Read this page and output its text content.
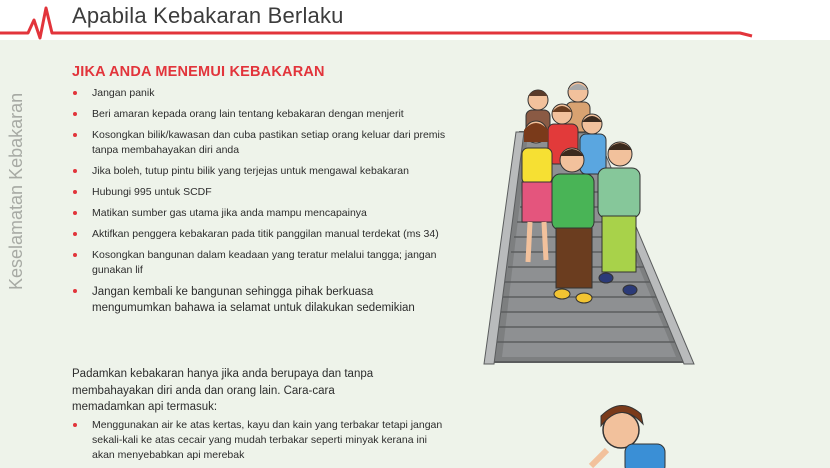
Apabila Kebakaran Berlaku
Keselamatan Kebakaran
JIKA ANDA MENEMUI KEBAKARAN
Jangan panik
Beri amaran kepada orang lain tentang kebakaran dengan menjerit
Kosongkan bilik/kawasan dan cuba pastikan setiap orang keluar dari premis tanpa membahayakan diri anda
Jika boleh, tutup pintu bilik yang terjejas untuk mengawal kebakaran
Hubungi 995 untuk SCDF
Matikan sumber gas utama jika anda mampu mencapainya
Aktifkan penggera kebakaran pada titik panggilan manual terdekat (ms 34)
Kosongkan bangunan dalam keadaan yang teratur melalui tangga; jangan gunakan lif
Jangan kembali ke bangunan sehingga pihak berkuasa mengumumkan bahawa ia selamat untuk dilakukan sedemikian
Padamkan kebakaran hanya jika anda berupaya dan tanpa membahayakan diri anda dan orang lain. Cara-cara memadamkan api termasuk:
Menggunakan air ke atas kertas, kayu dan kain yang terbakar tetapi jangan sekali-kali ke atas cecair yang mudah terbakar seperti minyak kerana ini akan menyebabkan api merebak
